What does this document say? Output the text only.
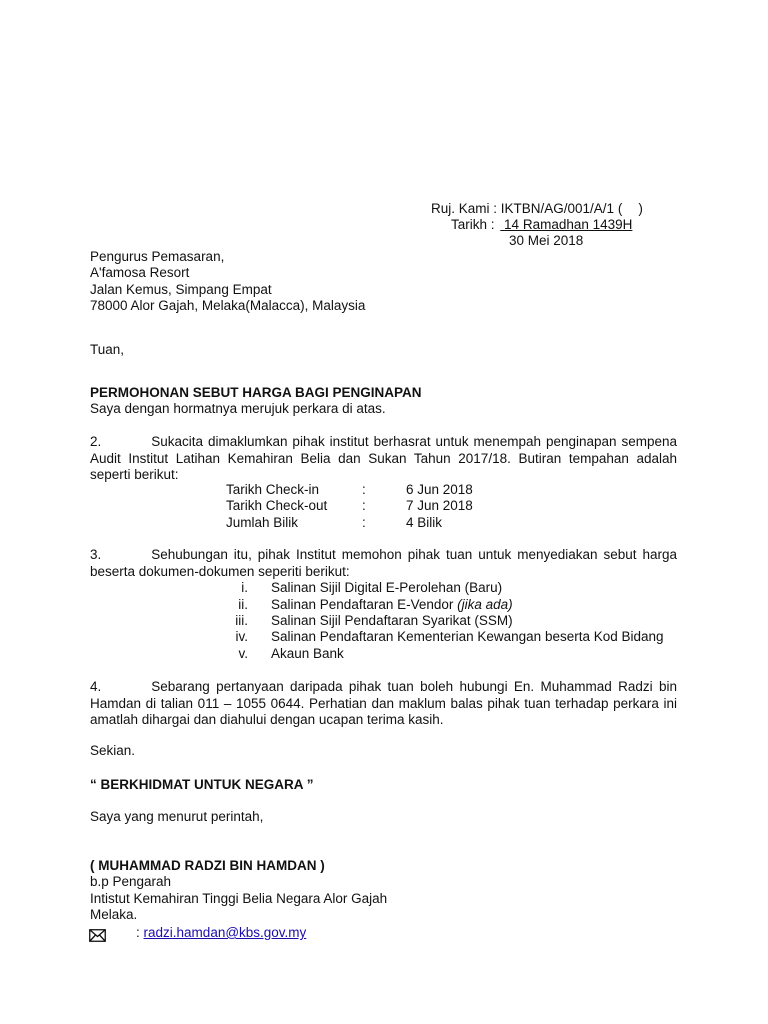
Ruj. Kami : IKTBN/AG/001/A/1 ( )
Tarikh : 14 Ramadhan 1439H
30 Mei 2018
Pengurus Pemasaran,
A'famosa Resort
Jalan Kemus, Simpang Empat
78000 Alor Gajah, Melaka(Malacca), Malaysia
Tuan,
PERMOHONAN SEBUT HARGA BAGI PENGINAPAN
Saya dengan hormatnya merujuk perkara di atas.
2.	Sukacita dimaklumkan pihak institut berhasrat untuk menempah penginapan sempena Audit Institut Latihan Kemahiran Belia dan Sukan Tahun 2017/18. Butiran tempahan adalah seperti berikut:
Tarikh Check-in	:	6 Jun 2018
Tarikh Check-out	:	7 Jun 2018
Jumlah Bilik	:	4 Bilik
3.	Sehubungan itu, pihak Institut memohon pihak tuan untuk menyediakan sebut harga beserta dokumen-dokumen seperiti berikut:
i. Salinan Sijil Digital E-Perolehan (Baru)
ii. Salinan Pendaftaran E-Vendor (jika ada)
iii. Salinan Sijil Pendaftaran Syarikat (SSM)
iv. Salinan Pendaftaran Kementerian Kewangan beserta Kod Bidang
v. Akaun Bank
4.	Sebarang pertanyaan daripada pihak tuan boleh hubungi En. Muhammad Radzi bin Hamdan di talian 011 – 1055 0644. Perhatian dan maklum balas pihak tuan terhadap perkara ini amatlah dihargai dan diahului dengan ucapan terima kasih.
Sekian.
“ BERKHIDMAT UNTUK NEGARA ”
Saya yang menurut perintah,
( MUHAMMAD RADZI BIN HAMDAN )
b.p Pengarah
Intistut Kemahiran Tinggi Belia Negara Alor Gajah
Melaka.
: radzi.hamdan@kbs.gov.my
